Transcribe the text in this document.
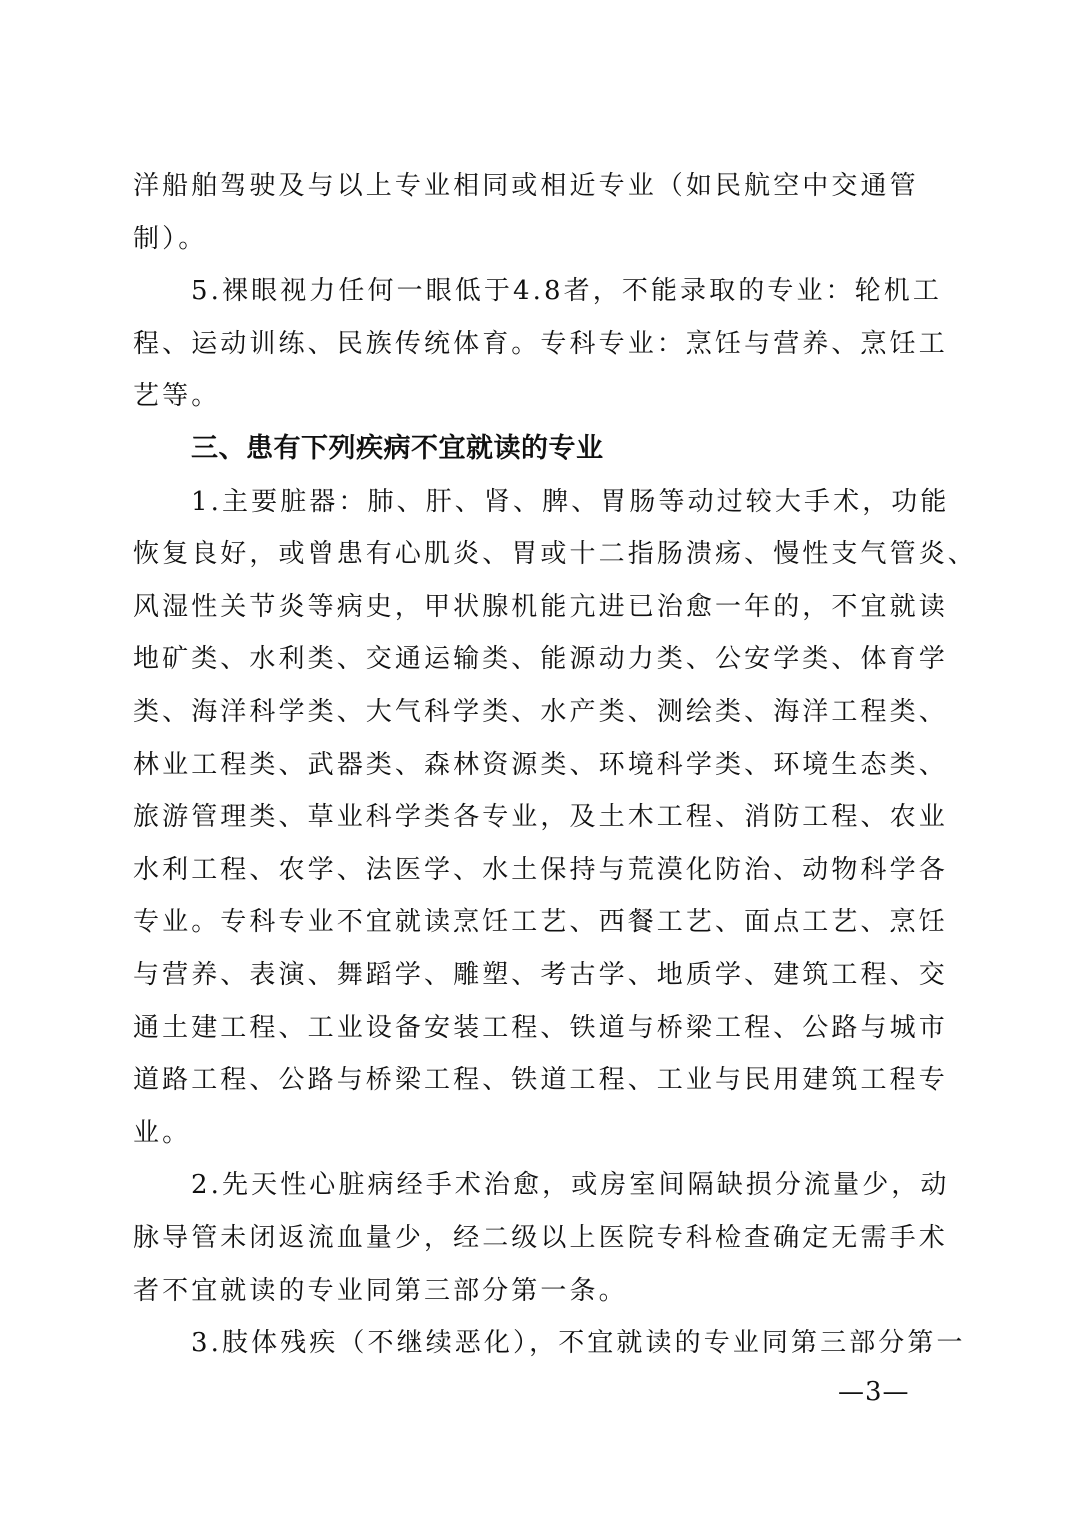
洋船舶驾驶及与以上专业相同或相近专业（如民航空中交通管
制）。
5.裸眼视力任何一眼低于4.8者，不能录取的专业：轮机工
程、运动训练、民族传统体育。专科专业：烹饪与营养、烹饪工
艺等。
三、患有下列疾病不宜就读的专业
1.主要脏器：肺、肝、肾、脾、胃肠等动过较大手术，功能
恢复良好，或曾患有心肌炎、胃或十二指肠溃疡、慢性支气管炎、
风湿性关节炎等病史，甲状腺机能亢进已治愈一年的，不宜就读
地矿类、水利类、交通运输类、能源动力类、公安学类、体育学
类、海洋科学类、大气科学类、水产类、测绘类、海洋工程类、
林业工程类、武器类、森林资源类、环境科学类、环境生态类、
旅游管理类、草业科学类各专业，及土木工程、消防工程、农业
水利工程、农学、法医学、水土保持与荒漠化防治、动物科学各
专业。专科专业不宜就读烹饪工艺、西餐工艺、面点工艺、烹饪
与营养、表演、舞蹈学、雕塑、考古学、地质学、建筑工程、交
通土建工程、工业设备安装工程、铁道与桥梁工程、公路与城市
道路工程、公路与桥梁工程、铁道工程、工业与民用建筑工程专
业。
2.先天性心脏病经手术治愈，或房室间隔缺损分流量少，动
脉导管未闭返流血量少，经二级以上医院专科检查确定无需手术
者不宜就读的专业同第三部分第一条。
3.肢体残疾（不继续恶化），不宜就读的专业同第三部分第一
—3—
